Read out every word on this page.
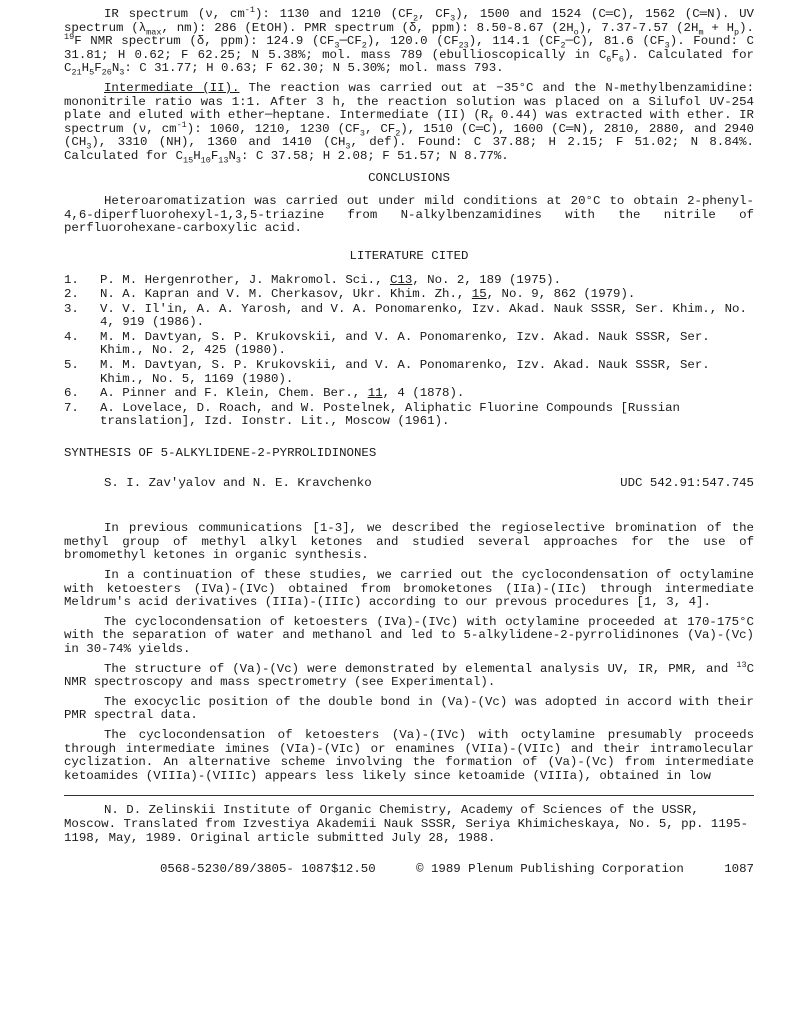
IR spectrum (ν, $cm^{-1}$): 1130 and 1210 ($CF_2$, $CF_3$), 1500 and 1524 (C═C), 1562 (C═N). UV spectrum ($\lambda_{max}$, nm): 286 (EtOH). PMR spectrum (δ, ppm): 8.50-8.67 $(2H_o)$, 7.37-7.57 $(2H_m + H_p)$. $^{19}$F NMR spectrum (δ, ppm): 124.9 $(CF_3─CF_2)$, 120.0 $(CF_{23})$, 114.1 $(CF_2─C)$, 81.6 $(CF_3)$. Found: C 31.81; H 0.62; F 62.25; N 5.38%; mol. mass 789 (ebullioscopically in $C_6F_6$). Calculated for $C_{21}H_5F_{26}N_3$: C 31.77; H 0.63; F 62.30; N 5.30%; mol. mass 793.

Intermediate (II). The reaction was carried out at −35°C and the N-methylbenzamidine: mononitrile ratio was 1:1. After 3 h, the reaction solution was placed on a Silufol UV-254 plate and eluted with ether─heptane. Intermediate (II) ($R_f$ 0.44) was extracted with ether. IR spectrum (ν, $cm^{-1}$): 1060, 1210, 1230 ($CF_3$, $CF_2$), 1510 (C═C), 1600 (C═N), 2810, 2880, and 2940 $(CH_3)$, 3310 (NH), 1360 and 1410 ($CH_3$, def). Found: C 37.88; H 2.15; F 51.02; N 8.84%. Calculated for $C_{15}H_{10}F_{13}N_3$: C 37.58; H 2.08; F 51.57; N 8.77%.

CONCLUSIONS

Heteroaromatization was carried out under mild conditions at 20°C to obtain 2-phenyl-4,6-diperfluorohexyl-1,3,5-triazine from N-alkylbenzamidines with the nitrile of perfluorohexane-carboxylic acid.

LITERATURE CITED

1.	P. M. Hergenrother, J. Makromol. Sci., C13, No. 2, 189 (1975).
2.	N. A. Kapran and V. M. Cherkasov, Ukr. Khim. Zh., 15, No. 9, 862 (1979).
3.	V. V. Il'in, A. A. Yarosh, and V. A. Ponomarenko, Izv. Akad. Nauk SSSR, Ser. Khim., No. 4, 919 (1986).
4.	M. M. Davtyan, S. P. Krukovskii, and V. A. Ponomarenko, Izv. Akad. Nauk SSSR, Ser. Khim., No. 2, 425 (1980).
5.	M. M. Davtyan, S. P. Krukovskii, and V. A. Ponomarenko, Izv. Akad. Nauk SSSR, Ser. Khim., No. 5, 1169 (1980).
6.	A. Pinner and F. Klein, Chem. Ber., 11, 4 (1878).
7.	A. Lovelace, D. Roach, and W. Postelnek, Aliphatic Fluorine Compounds [Russian translation], Izd. Ionstr. Lit., Moscow (1961).

SYNTHESIS OF 5-ALKYLIDENE-2-PYRROLIDINONES

S. I. Zav'yalov and N. E. Kravchenko	UDC 542.91:547.745

In previous communications [1-3], we described the regioselective bromination of the methyl group of methyl alkyl ketones and studied several approaches for the use of bromomethyl ketones in organic synthesis.

In a continuation of these studies, we carried out the cyclocondensation of octylamine with ketoesters (IVa)-(IVc) obtained from bromoketones (IIa)-(IIc) through intermediate Meldrum's acid derivatives (IIIa)-(IIIc) according to our prevous procedures [1, 3, 4].

The cyclocondensation of ketoesters (IVa)-(IVc) with octylamine proceeded at 170-175°C with the separation of water and methanol and led to 5-alkylidene-2-pyrrolidinones (Va)-(Vc) in 30-74% yields.

The structure of (Va)-(Vc) were demonstrated by elemental analysis UV, IR, PMR, and $^{13}$C NMR spectroscopy and mass spectrometry (see Experimental).

The exocyclic position of the double bond in (Va)-(Vc) was adopted in accord with their PMR spectral data.

The cyclocondensation of ketoesters (Va)-(IVc) with octylamine presumably proceeds through intermediate imines (VIa)-(VIc) or enamines (VIIa)-(VIIc) and their intramolecular cyclization. An alternative scheme involving the formation of (Va)-(Vc) from intermediate ketoamides (VIIIa)-(VIIIc) appears less likely since ketoamide (VIIIa), obtained in low

N. D. Zelinskii Institute of Organic Chemistry, Academy of Sciences of the USSR, Moscow. Translated from Izvestiya Akademii Nauk SSSR, Seriya Khimicheskaya, No. 5, pp. 1195-1198, May, 1989. Original article submitted July 28, 1988.

0568-5230/89/3805- 1087$12.50	© 1989 Plenum Publishing Corporation	1087
